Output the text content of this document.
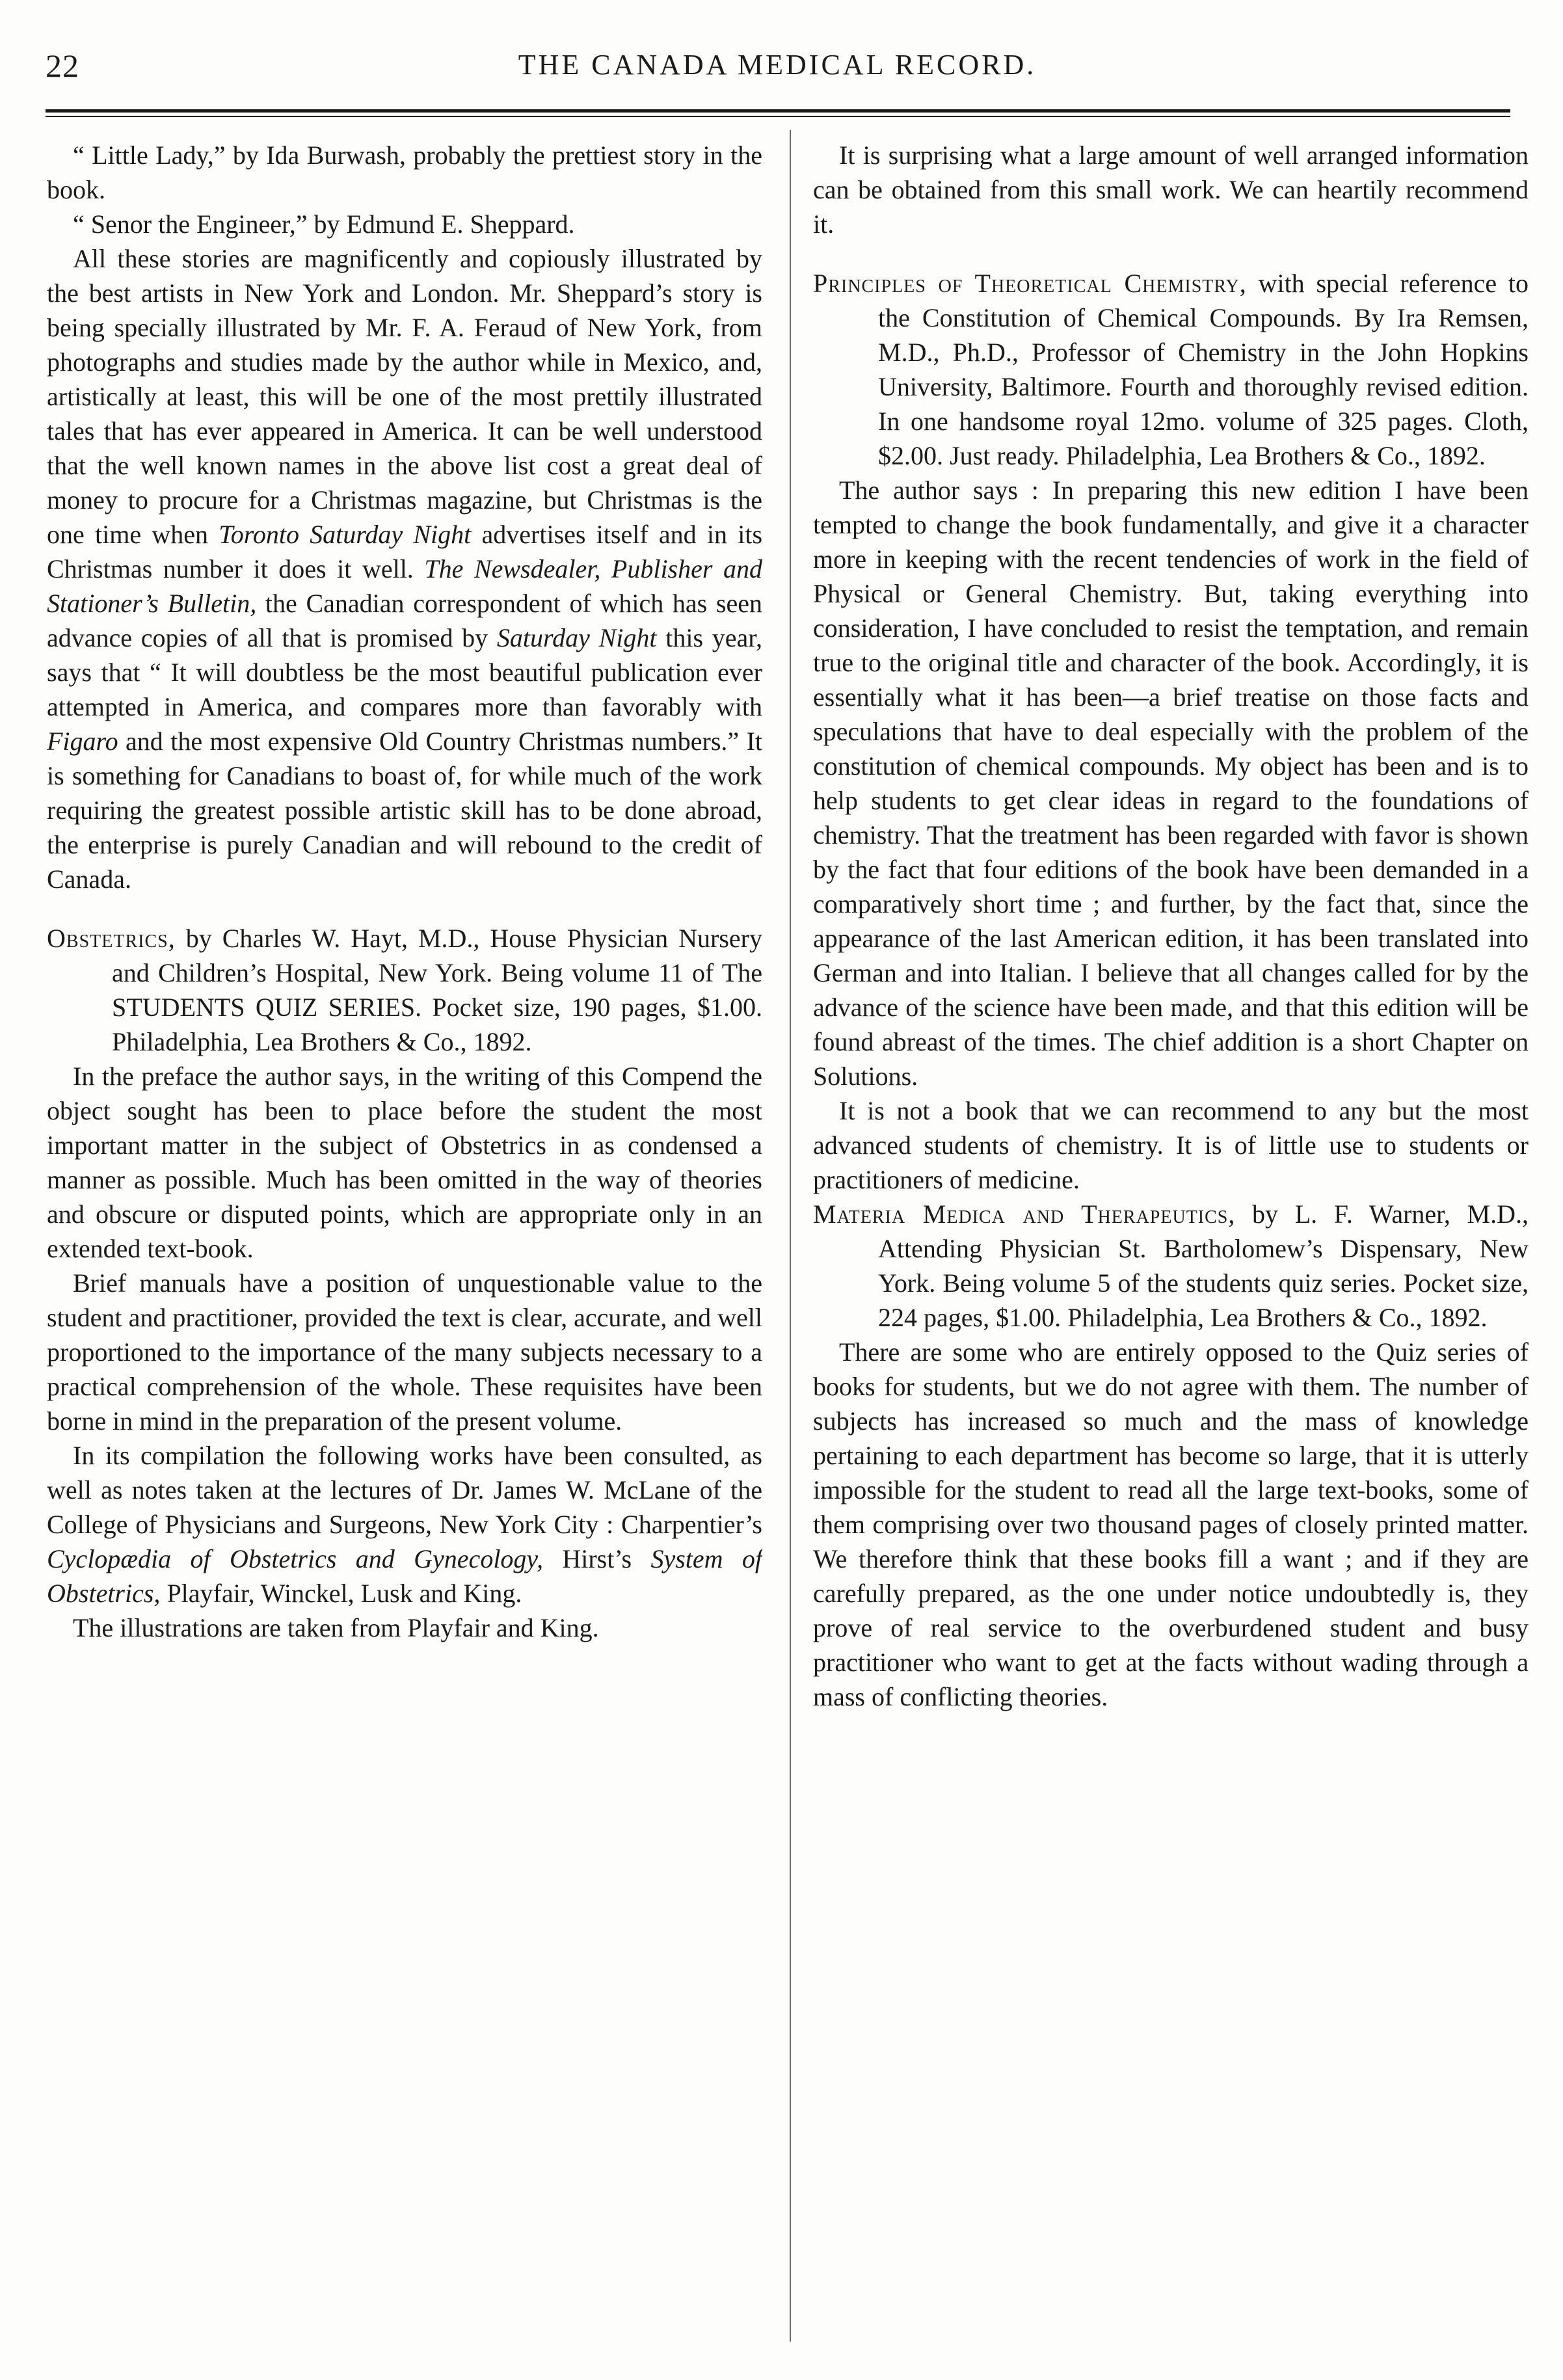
22	THE CANADA MEDICAL RECORD.

“ Little Lady,” by Ida Burwash, probably the prettiest story in the book.

“ Senor the Engineer,” by Edmund E. Sheppard.

All these stories are magnificently and copiously illustrated by the best artists in New York and London. Mr. Sheppard’s story is being specially illustrated by Mr. F. A. Feraud of New York, from photographs and studies made by the author while in Mexico, and, artistically at least, this will be one of the most prettily illustrated tales that has ever appeared in America. It can be well understood that the well known names in the above list cost a great deal of money to procure for a Christmas magazine, but Christmas is the one time when Toronto Saturday Night advertises itself and in its Christmas number it does it well. The Newsdealer, Publisher and Stationer’s Bulletin, the Canadian correspondent of which has seen advance copies of all that is promised by Saturday Night this year, says that “ It will doubtless be the most beautiful publication ever attempted in America, and compares more than favorably with Figaro and the most expensive Old Country Christmas numbers.” It is something for Canadians to boast of, for while much of the work requiring the greatest possible artistic skill has to be done abroad, the enterprise is purely Canadian and will rebound to the credit of Canada.

Obstetrics, by Charles W. Hayt, M.D., House Physician Nursery and Children’s Hospital, New York. Being volume 11 of The STUDENTS QUIZ SERIES. Pocket size, 190 pages, $1.00. Philadelphia, Lea Brothers & Co., 1892.

In the preface the author says, in the writing of this Compend the object sought has been to place before the student the most important matter in the subject of Obstetrics in as condensed a manner as possible. Much has been omitted in the way of theories and obscure or disputed points, which are appropriate only in an extended text-book.

Brief manuals have a position of unquestionable value to the student and practitioner, provided the text is clear, accurate, and well proportioned to the importance of the many subjects necessary to a practical comprehension of the whole. These requisites have been borne in mind in the preparation of the present volume.

In its compilation the following works have been consulted, as well as notes taken at the lectures of Dr. James W. McLane of the College of Physicians and Surgeons, New York City : Charpentier’s Cyclopædia of Obstetrics and Gynecology, Hirst’s System of Obstetrics, Playfair, Winckel, Lusk and King.

The illustrations are taken from Playfair and King.

It is surprising what a large amount of well arranged information can be obtained from this small work. We can heartily recommend it.

Principles of Theoretical Chemistry, with special reference to the Constitution of Chemical Compounds. By Ira Remsen, M.D., Ph.D., Professor of Chemistry in the John Hopkins University, Baltimore. Fourth and thoroughly revised edition. In one handsome royal 12mo. volume of 325 pages. Cloth, $2.00. Just ready. Philadelphia, Lea Brothers & Co., 1892.

The author says : In preparing this new edition I have been tempted to change the book fundamentally, and give it a character more in keeping with the recent tendencies of work in the field of Physical or General Chemistry. But, taking everything into consideration, I have concluded to resist the temptation, and remain true to the original title and character of the book. Accordingly, it is essentially what it has been—a brief treatise on those facts and speculations that have to deal especially with the problem of the constitution of chemical compounds. My object has been and is to help students to get clear ideas in regard to the foundations of chemistry. That the treatment has been regarded with favor is shown by the fact that four editions of the book have been demanded in a comparatively short time ; and further, by the fact that, since the appearance of the last American edition, it has been translated into German and into Italian. I believe that all changes called for by the advance of the science have been made, and that this edition will be found abreast of the times. The chief addition is a short Chapter on Solutions.

It is not a book that we can recommend to any but the most advanced students of chemistry. It is of little use to students or practitioners of medicine.

Materia Medica and Therapeutics, by L. F. Warner, M.D., Attending Physician St. Bartholomew’s Dispensary, New York. Being volume 5 of the students quiz series. Pocket size, 224 pages, $1.00. Philadelphia, Lea Brothers & Co., 1892.

There are some who are entirely opposed to the Quiz series of books for students, but we do not agree with them. The number of subjects has increased so much and the mass of knowledge pertaining to each department has become so large, that it is utterly impossible for the student to read all the large text-books, some of them comprising over two thousand pages of closely printed matter. We therefore think that these books fill a want ; and if they are carefully prepared, as the one under notice undoubtedly is, they prove of real service to the overburdened student and busy practitioner who want to get at the facts without wading through a mass of conflicting theories.
